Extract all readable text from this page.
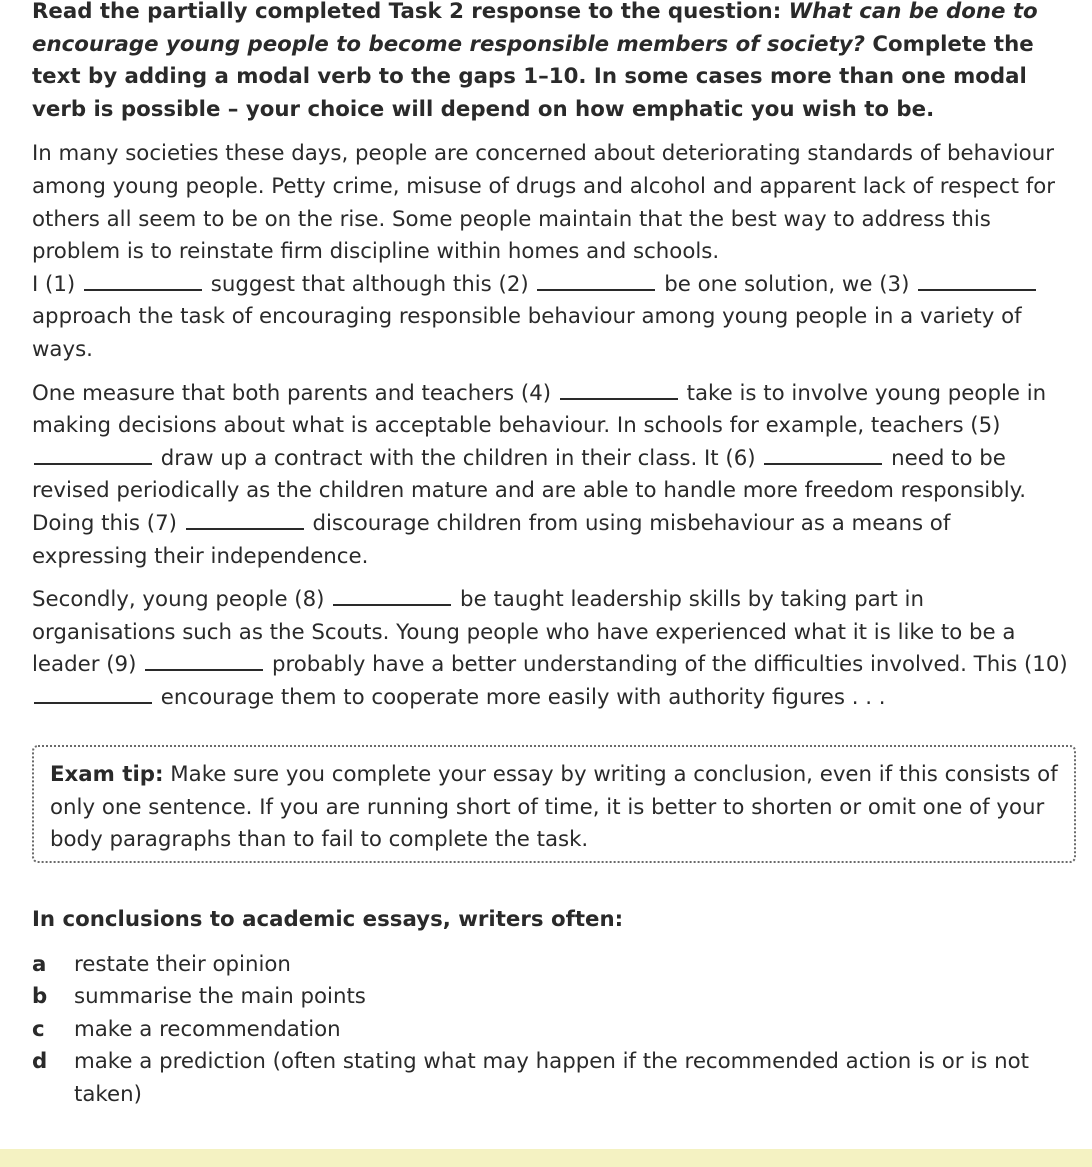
Read the partially completed Task 2 response to the question: What can be done to encourage young people to become responsible members of society? Complete the text by adding a modal verb to the gaps 1–10. In some cases more than one modal verb is possible – your choice will depend on how emphatic you wish to be.

In many societies these days, people are concerned about deteriorating standards of behaviour among young people. Petty crime, misuse of drugs and alcohol and apparent lack of respect for others all seem to be on the rise. Some people maintain that the best way to address this problem is to reinstate firm discipline within homes and schools.
I (1)	suggest that although this (2)	be one solution, we (3)  approach the task of encouraging responsible behaviour among young people in a variety of ways.

One measure that both parents and teachers (4)	take is to involve young people in making decisions about what is acceptable behaviour. In schools for example, teachers (5)  draw up a contract with the children in their class. It (6)	need to be revised periodically as the children mature and are able to handle more freedom responsibly. Doing this (7)	discourage children from using misbehaviour as a means of expressing their independence.

Secondly, young people (8)	be taught leadership skills by taking part in organisations such as the Scouts. Young people who have experienced what it is like to be a leader (9)	probably have a better understanding of the difficulties involved. This (10)  encourage them to cooperate more easily with authority figures . . .

Exam tip: Make sure you complete your essay by writing a conclusion, even if this consists of only one sentence. If you are running short of time, it is better to shorten or omit one of your body paragraphs than to fail to complete the task.
In conclusions to academic essays, writers often:
a	restate their opinion
b	summarise the main points
c	make a recommendation
d	make a prediction (often stating what may happen if the recommended action is or is not taken)
